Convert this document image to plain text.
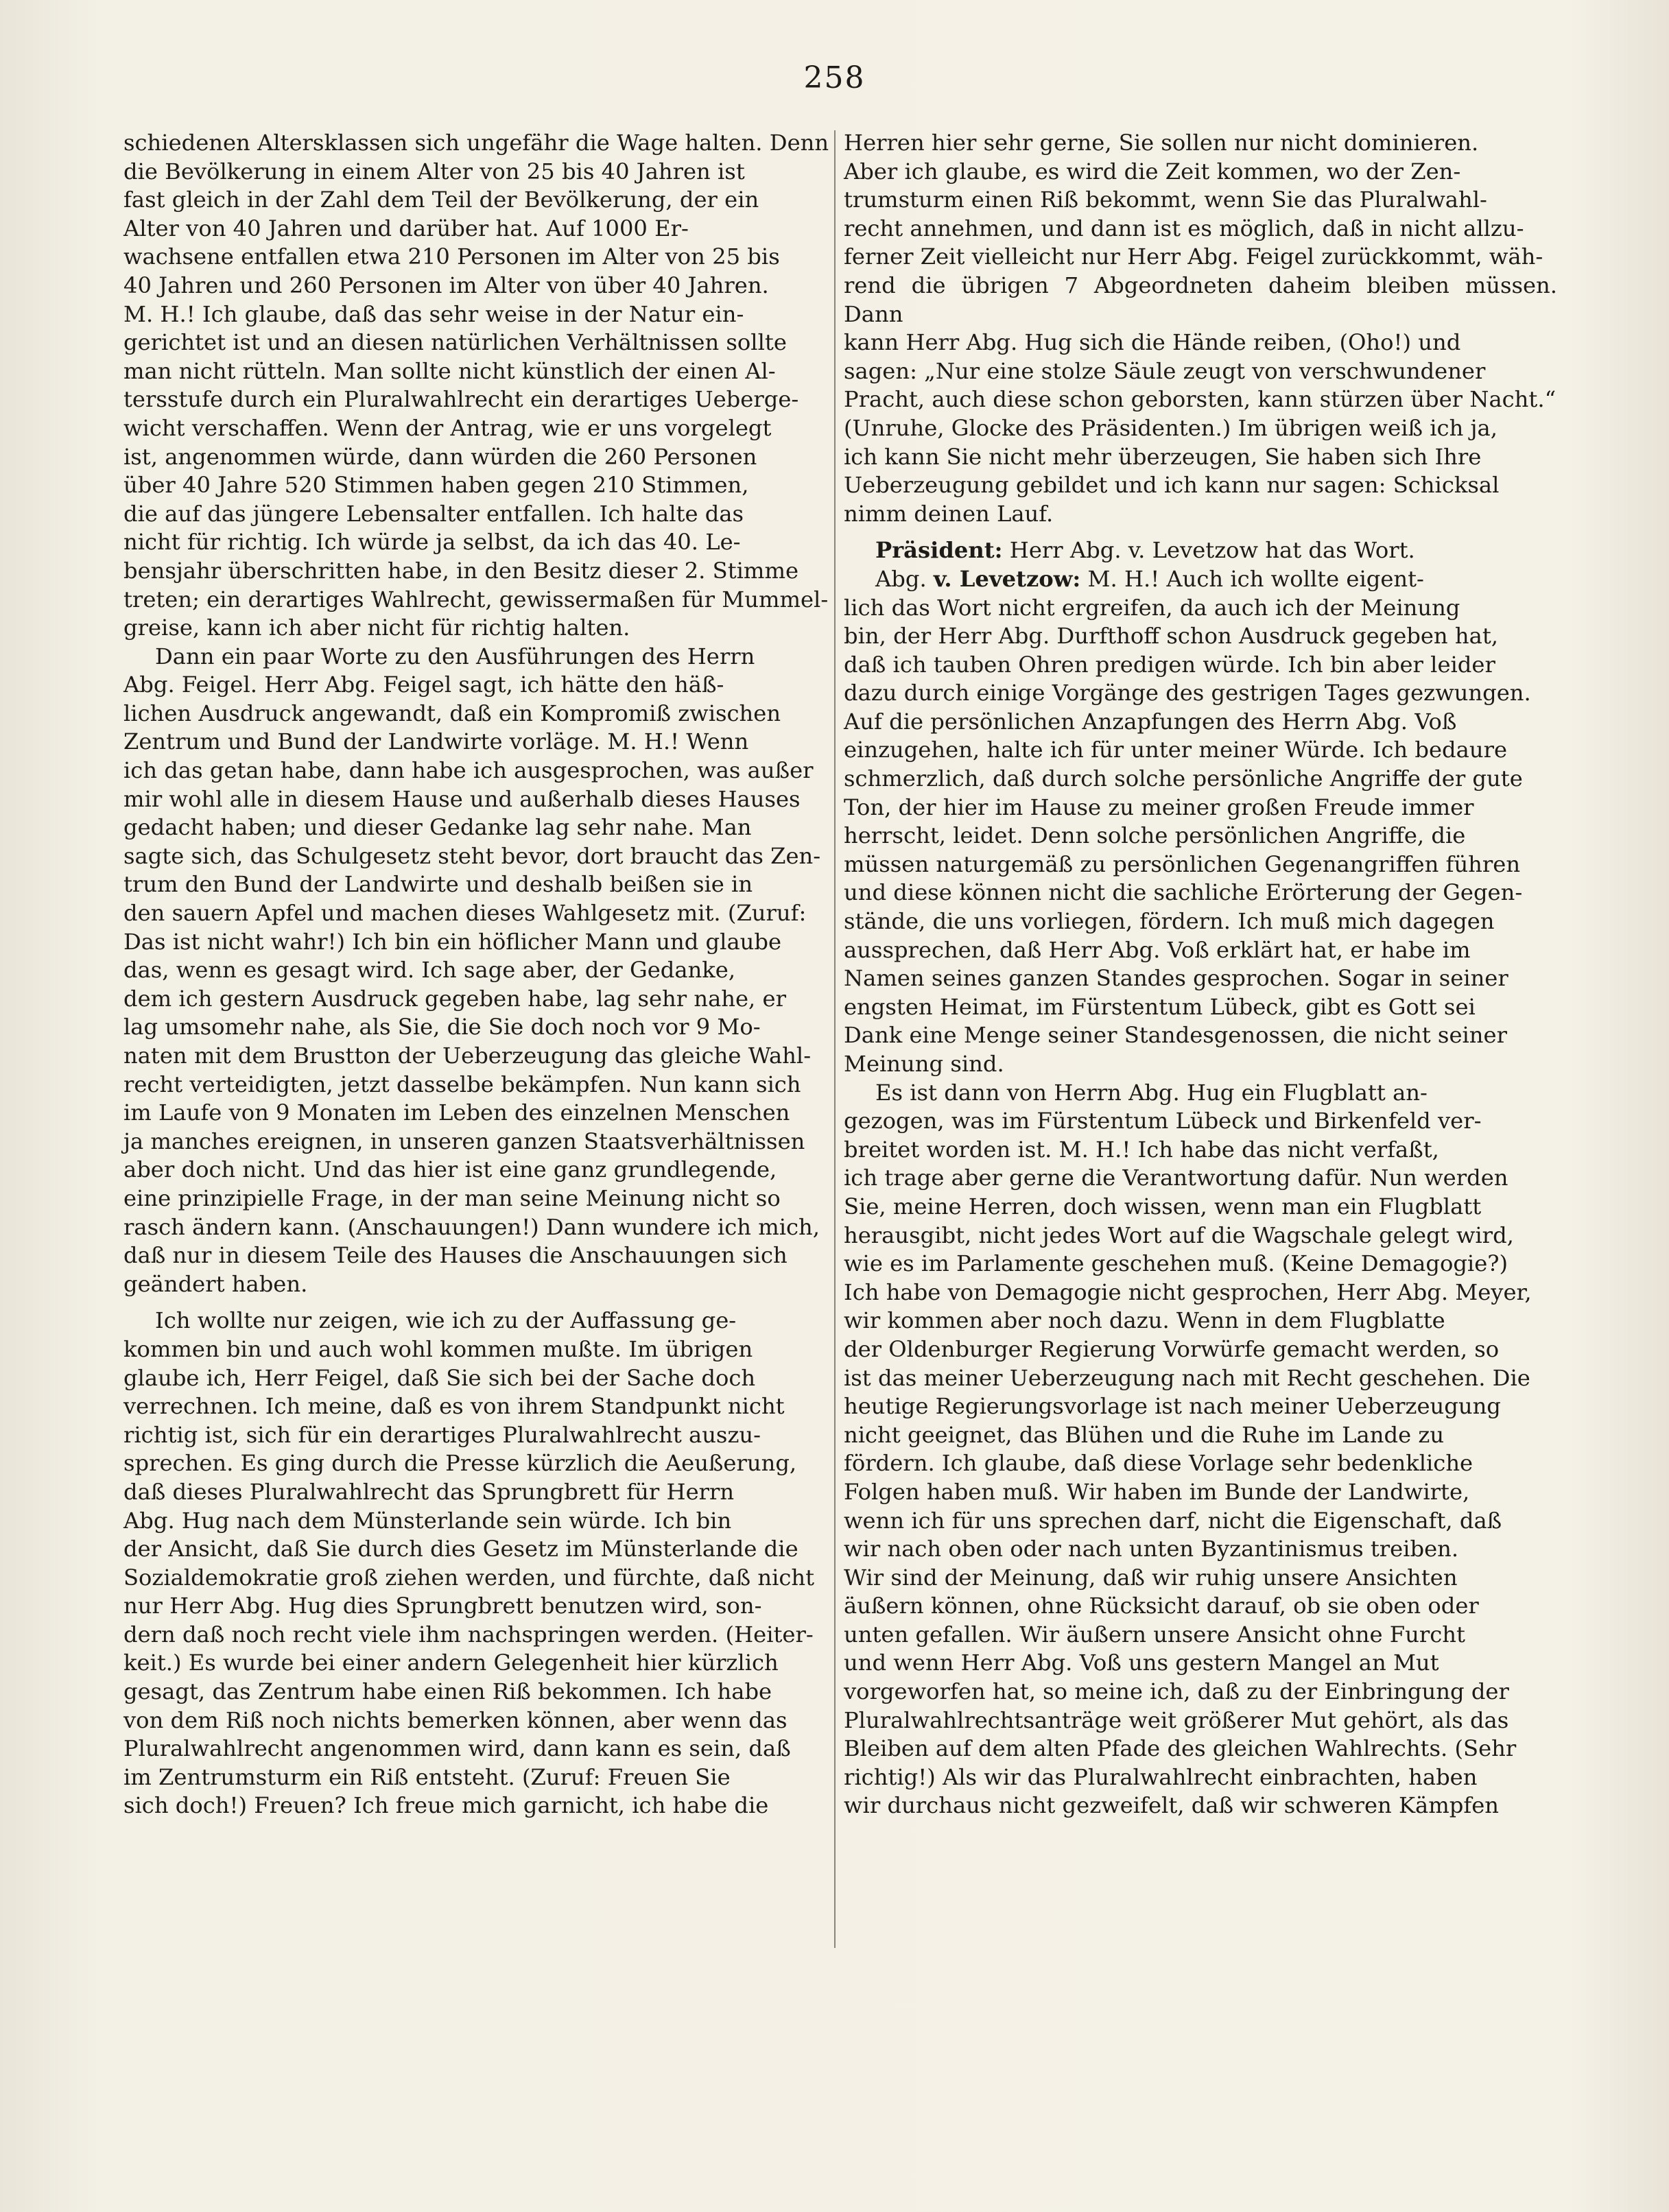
258
schiedenen Altersklassen sich ungefähr die Wage halten. Denn
die Bevölkerung in einem Alter von 25 bis 40 Jahren ist
fast gleich in der Zahl dem Teil der Bevölkerung, der ein
Alter von 40 Jahren und darüber hat. Auf 1000 Er-
wachsene entfallen etwa 210 Personen im Alter von 25 bis
40 Jahren und 260 Personen im Alter von über 40 Jahren.
M. H.! Ich glaube, daß das sehr weise in der Natur ein-
gerichtet ist und an diesen natürlichen Verhältnissen sollte
man nicht rütteln. Man sollte nicht künstlich der einen Al-
tersstufe durch ein Pluralwahlrecht ein derartiges Ueberge-
wicht verschaffen. Wenn der Antrag, wie er uns vorgelegt
ist, angenommen würde, dann würden die 260 Personen
über 40 Jahre 520 Stimmen haben gegen 210 Stimmen,
die auf das jüngere Lebensalter entfallen. Ich halte das
nicht für richtig. Ich würde ja selbst, da ich das 40. Le-
bensjahr überschritten habe, in den Besitz dieser 2. Stimme
treten; ein derartiges Wahlrecht, gewissermaßen für Mummel-
greise, kann ich aber nicht für richtig halten.
Dann ein paar Worte zu den Ausführungen des Herrn
Abg. Feigel. Herr Abg. Feigel sagt, ich hätte den häß-
lichen Ausdruck angewandt, daß ein Kompromiß zwischen
Zentrum und Bund der Landwirte vorläge. M. H.! Wenn
ich das getan habe, dann habe ich ausgesprochen, was außer
mir wohl alle in diesem Hause und außerhalb dieses Hauses
gedacht haben; und dieser Gedanke lag sehr nahe. Man
sagte sich, das Schulgesetz steht bevor, dort braucht das Zen-
trum den Bund der Landwirte und deshalb beißen sie in
den sauern Apfel und machen dieses Wahlgesetz mit. (Zuruf:
Das ist nicht wahr!) Ich bin ein höflicher Mann und glaube
das, wenn es gesagt wird. Ich sage aber, der Gedanke,
dem ich gestern Ausdruck gegeben habe, lag sehr nahe, er
lag umsomehr nahe, als Sie, die Sie doch noch vor 9 Mo-
naten mit dem Brustton der Ueberzeugung das gleiche Wahl-
recht verteidigten, jetzt dasselbe bekämpfen. Nun kann sich
im Laufe von 9 Monaten im Leben des einzelnen Menschen
ja manches ereignen, in unseren ganzen Staatsverhältnissen
aber doch nicht. Und das hier ist eine ganz grundlegende,
eine prinzipielle Frage, in der man seine Meinung nicht so
rasch ändern kann. (Anschauungen!) Dann wundere ich mich,
daß nur in diesem Teile des Hauses die Anschauungen sich
geändert haben.
Ich wollte nur zeigen, wie ich zu der Auffassung ge-
kommen bin und auch wohl kommen mußte. Im übrigen
glaube ich, Herr Feigel, daß Sie sich bei der Sache doch
verrechnen. Ich meine, daß es von ihrem Standpunkt nicht
richtig ist, sich für ein derartiges Pluralwahlrecht auszu-
sprechen. Es ging durch die Presse kürzlich die Aeußerung,
daß dieses Pluralwahlrecht das Sprungbrett für Herrn
Abg. Hug nach dem Münsterlande sein würde. Ich bin
der Ansicht, daß Sie durch dies Gesetz im Münsterlande die
Sozialdemokratie groß ziehen werden, und fürchte, daß nicht
nur Herr Abg. Hug dies Sprungbrett benutzen wird, son-
dern daß noch recht viele ihm nachspringen werden. (Heiter-
keit.) Es wurde bei einer andern Gelegenheit hier kürzlich
gesagt, das Zentrum habe einen Riß bekommen. Ich habe
von dem Riß noch nichts bemerken können, aber wenn das
Pluralwahlrecht angenommen wird, dann kann es sein, daß
im Zentrumsturm ein Riß entsteht. (Zuruf: Freuen Sie
sich doch!) Freuen? Ich freue mich garnicht, ich habe die
Herren hier sehr gerne, Sie sollen nur nicht dominieren.
Aber ich glaube, es wird die Zeit kommen, wo der Zen-
trumsturm einen Riß bekommt, wenn Sie das Pluralwahl-
recht annehmen, und dann ist es möglich, daß in nicht allzu-
ferner Zeit vielleicht nur Herr Abg. Feigel zurückkommt, wäh-
rend die übrigen 7 Abgeordneten daheim bleiben müssen. Dann
kann Herr Abg. Hug sich die Hände reiben, (Oho!) und
sagen: „Nur eine stolze Säule zeugt von verschwundener
Pracht, auch diese schon geborsten, kann stürzen über Nacht.“
(Unruhe, Glocke des Präsidenten.) Im übrigen weiß ich ja,
ich kann Sie nicht mehr überzeugen, Sie haben sich Ihre
Ueberzeugung gebildet und ich kann nur sagen: Schicksal
nimm deinen Lauf.
Präsident: Herr Abg. v. Levetzow hat das Wort.
Abg. v. Levetzow: M. H.! Auch ich wollte eigent-
lich das Wort nicht ergreifen, da auch ich der Meinung
bin, der Herr Abg. Durfthoff schon Ausdruck gegeben hat,
daß ich tauben Ohren predigen würde. Ich bin aber leider
dazu durch einige Vorgänge des gestrigen Tages gezwungen.
Auf die persönlichen Anzapfungen des Herrn Abg. Voß
einzugehen, halte ich für unter meiner Würde. Ich bedaure
schmerzlich, daß durch solche persönliche Angriffe der gute
Ton, der hier im Hause zu meiner großen Freude immer
herrscht, leidet. Denn solche persönlichen Angriffe, die
müssen naturgemäß zu persönlichen Gegenangriffen führen
und diese können nicht die sachliche Erörterung der Gegen-
stände, die uns vorliegen, fördern. Ich muß mich dagegen
aussprechen, daß Herr Abg. Voß erklärt hat, er habe im
Namen seines ganzen Standes gesprochen. Sogar in seiner
engsten Heimat, im Fürstentum Lübeck, gibt es Gott sei
Dank eine Menge seiner Standesgenossen, die nicht seiner
Meinung sind.
Es ist dann von Herrn Abg. Hug ein Flugblatt an-
gezogen, was im Fürstentum Lübeck und Birkenfeld ver-
breitet worden ist. M. H.! Ich habe das nicht verfaßt,
ich trage aber gerne die Verantwortung dafür. Nun werden
Sie, meine Herren, doch wissen, wenn man ein Flugblatt
herausgibt, nicht jedes Wort auf die Wagschale gelegt wird,
wie es im Parlamente geschehen muß. (Keine Demagogie?)
Ich habe von Demagogie nicht gesprochen, Herr Abg. Meyer,
wir kommen aber noch dazu. Wenn in dem Flugblatte
der Oldenburger Regierung Vorwürfe gemacht werden, so
ist das meiner Ueberzeugung nach mit Recht geschehen. Die
heutige Regierungsvorlage ist nach meiner Ueberzeugung
nicht geeignet, das Blühen und die Ruhe im Lande zu
fördern. Ich glaube, daß diese Vorlage sehr bedenkliche
Folgen haben muß. Wir haben im Bunde der Landwirte,
wenn ich für uns sprechen darf, nicht die Eigenschaft, daß
wir nach oben oder nach unten Byzantinismus treiben.
Wir sind der Meinung, daß wir ruhig unsere Ansichten
äußern können, ohne Rücksicht darauf, ob sie oben oder
unten gefallen. Wir äußern unsere Ansicht ohne Furcht
und wenn Herr Abg. Voß uns gestern Mangel an Mut
vorgeworfen hat, so meine ich, daß zu der Einbringung der
Pluralwahlrechtsanträge weit größerer Mut gehört, als das
Bleiben auf dem alten Pfade des gleichen Wahlrechts. (Sehr
richtig!) Als wir das Pluralwahlrecht einbrachten, haben
wir durchaus nicht gezweifelt, daß wir schweren Kämpfen
